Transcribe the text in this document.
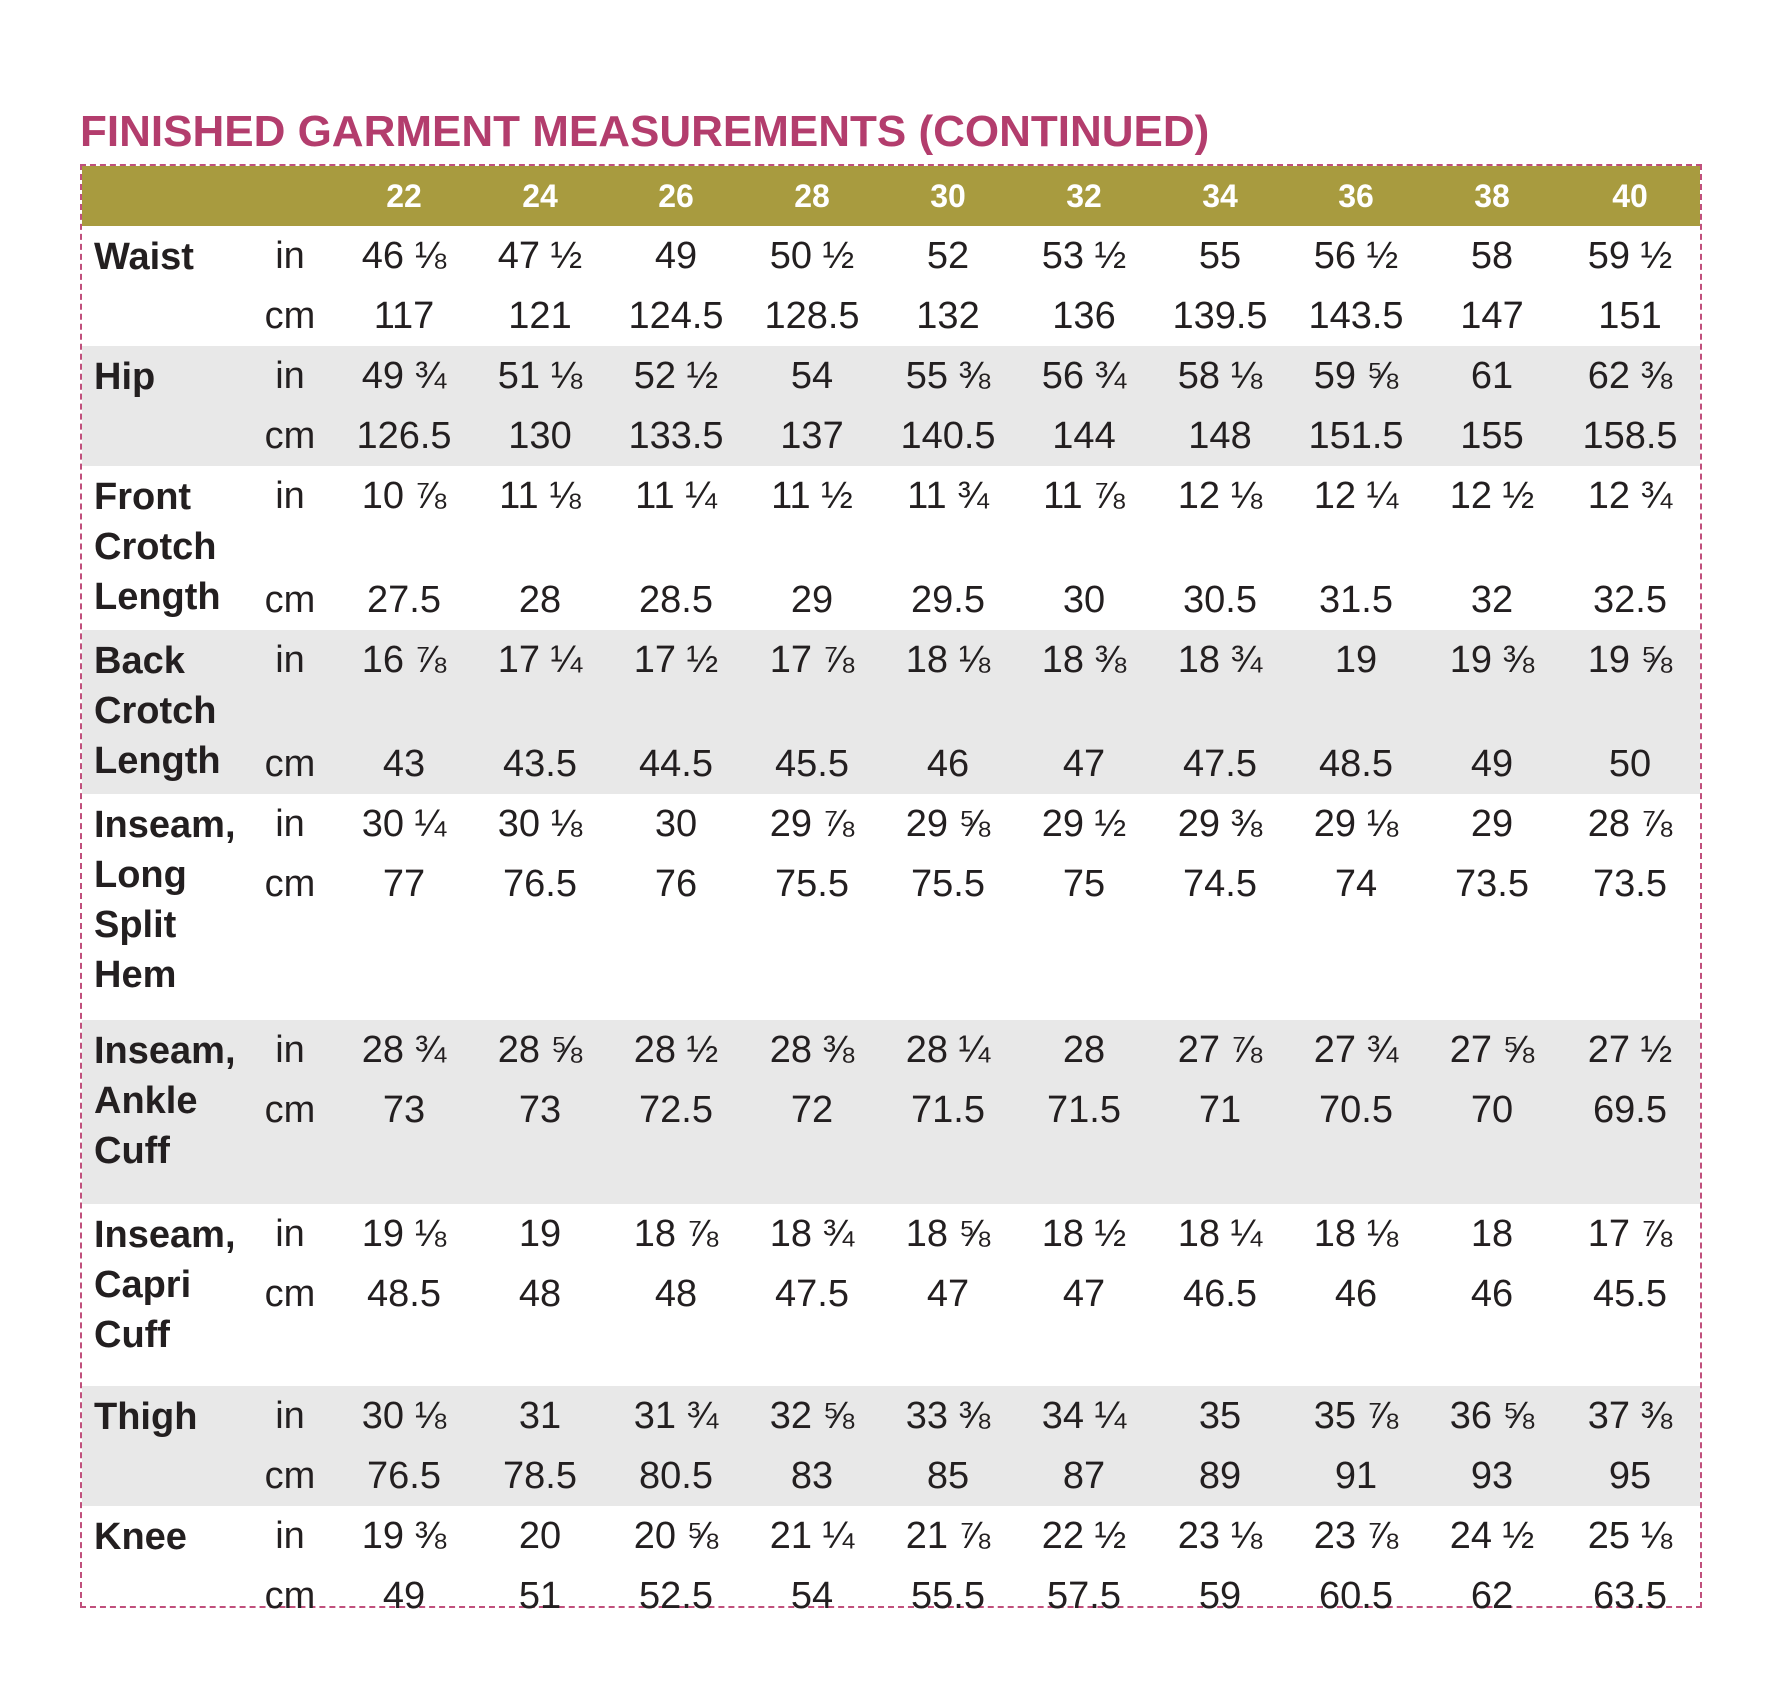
FINISHED GARMENT MEASUREMENTS (CONTINUED)
		22	24	26	28	30	32	34	36	38	40

Waist	in	46 ⅛	47 ½	49	50 ½	52	53 ½	55	56 ½	58	59 ½
	cm	117	121	124.5	128.5	132	136	139.5	143.5	147	151

Hip	in	49 ¾	51 ⅛	52 ½	54	55 ⅜	56 ¾	58 ⅛	59 ⅝	61	62 ⅜
	cm	126.5	130	133.5	137	140.5	144	148	151.5	155	158.5

Front
Crotch
Length	in	10 ⅞	11 ⅛	11 ¼	11 ½	11 ¾	11 ⅞	12 ⅛	12 ¼	12 ½	12 ¾
	cm	27.5	28	28.5	29	29.5	30	30.5	31.5	32	32.5

Back
Crotch
Length	in	16 ⅞	17 ¼	17 ½	17 ⅞	18 ⅛	18 ⅜	18 ¾	19	19 ⅜	19 ⅝
	cm	43	43.5	44.5	45.5	46	47	47.5	48.5	49	50

Inseam,
Long
Split
Hem	in	30 ¼	30 ⅛	30	29 ⅞	29 ⅝	29 ½	29 ⅜	29 ⅛	29	28 ⅞
	cm	77	76.5	76	75.5	75.5	75	74.5	74	73.5	73.5

Inseam,
Ankle
Cuff	in	28 ¾	28 ⅝	28 ½	28 ⅜	28 ¼	28	27 ⅞	27 ¾	27 ⅝	27 ½
	cm	73	73	72.5	72	71.5	71.5	71	70.5	70	69.5

Inseam,
Capri
Cuff	in	19 ⅛	19	18 ⅞	18 ¾	18 ⅝	18 ½	18 ¼	18 ⅛	18	17 ⅞
	cm	48.5	48	48	47.5	47	47	46.5	46	46	45.5

Thigh	in	30 ⅛	31	31 ¾	32 ⅝	33 ⅜	34 ¼	35	35 ⅞	36 ⅝	37 ⅜
	cm	76.5	78.5	80.5	83	85	87	89	91	93	95

Knee	in	19 ⅜	20	20 ⅝	21 ¼	21 ⅞	22 ½	23 ⅛	23 ⅞	24 ½	25 ⅛
	cm	49	51	52.5	54	55.5	57.5	59	60.5	62	63.5
